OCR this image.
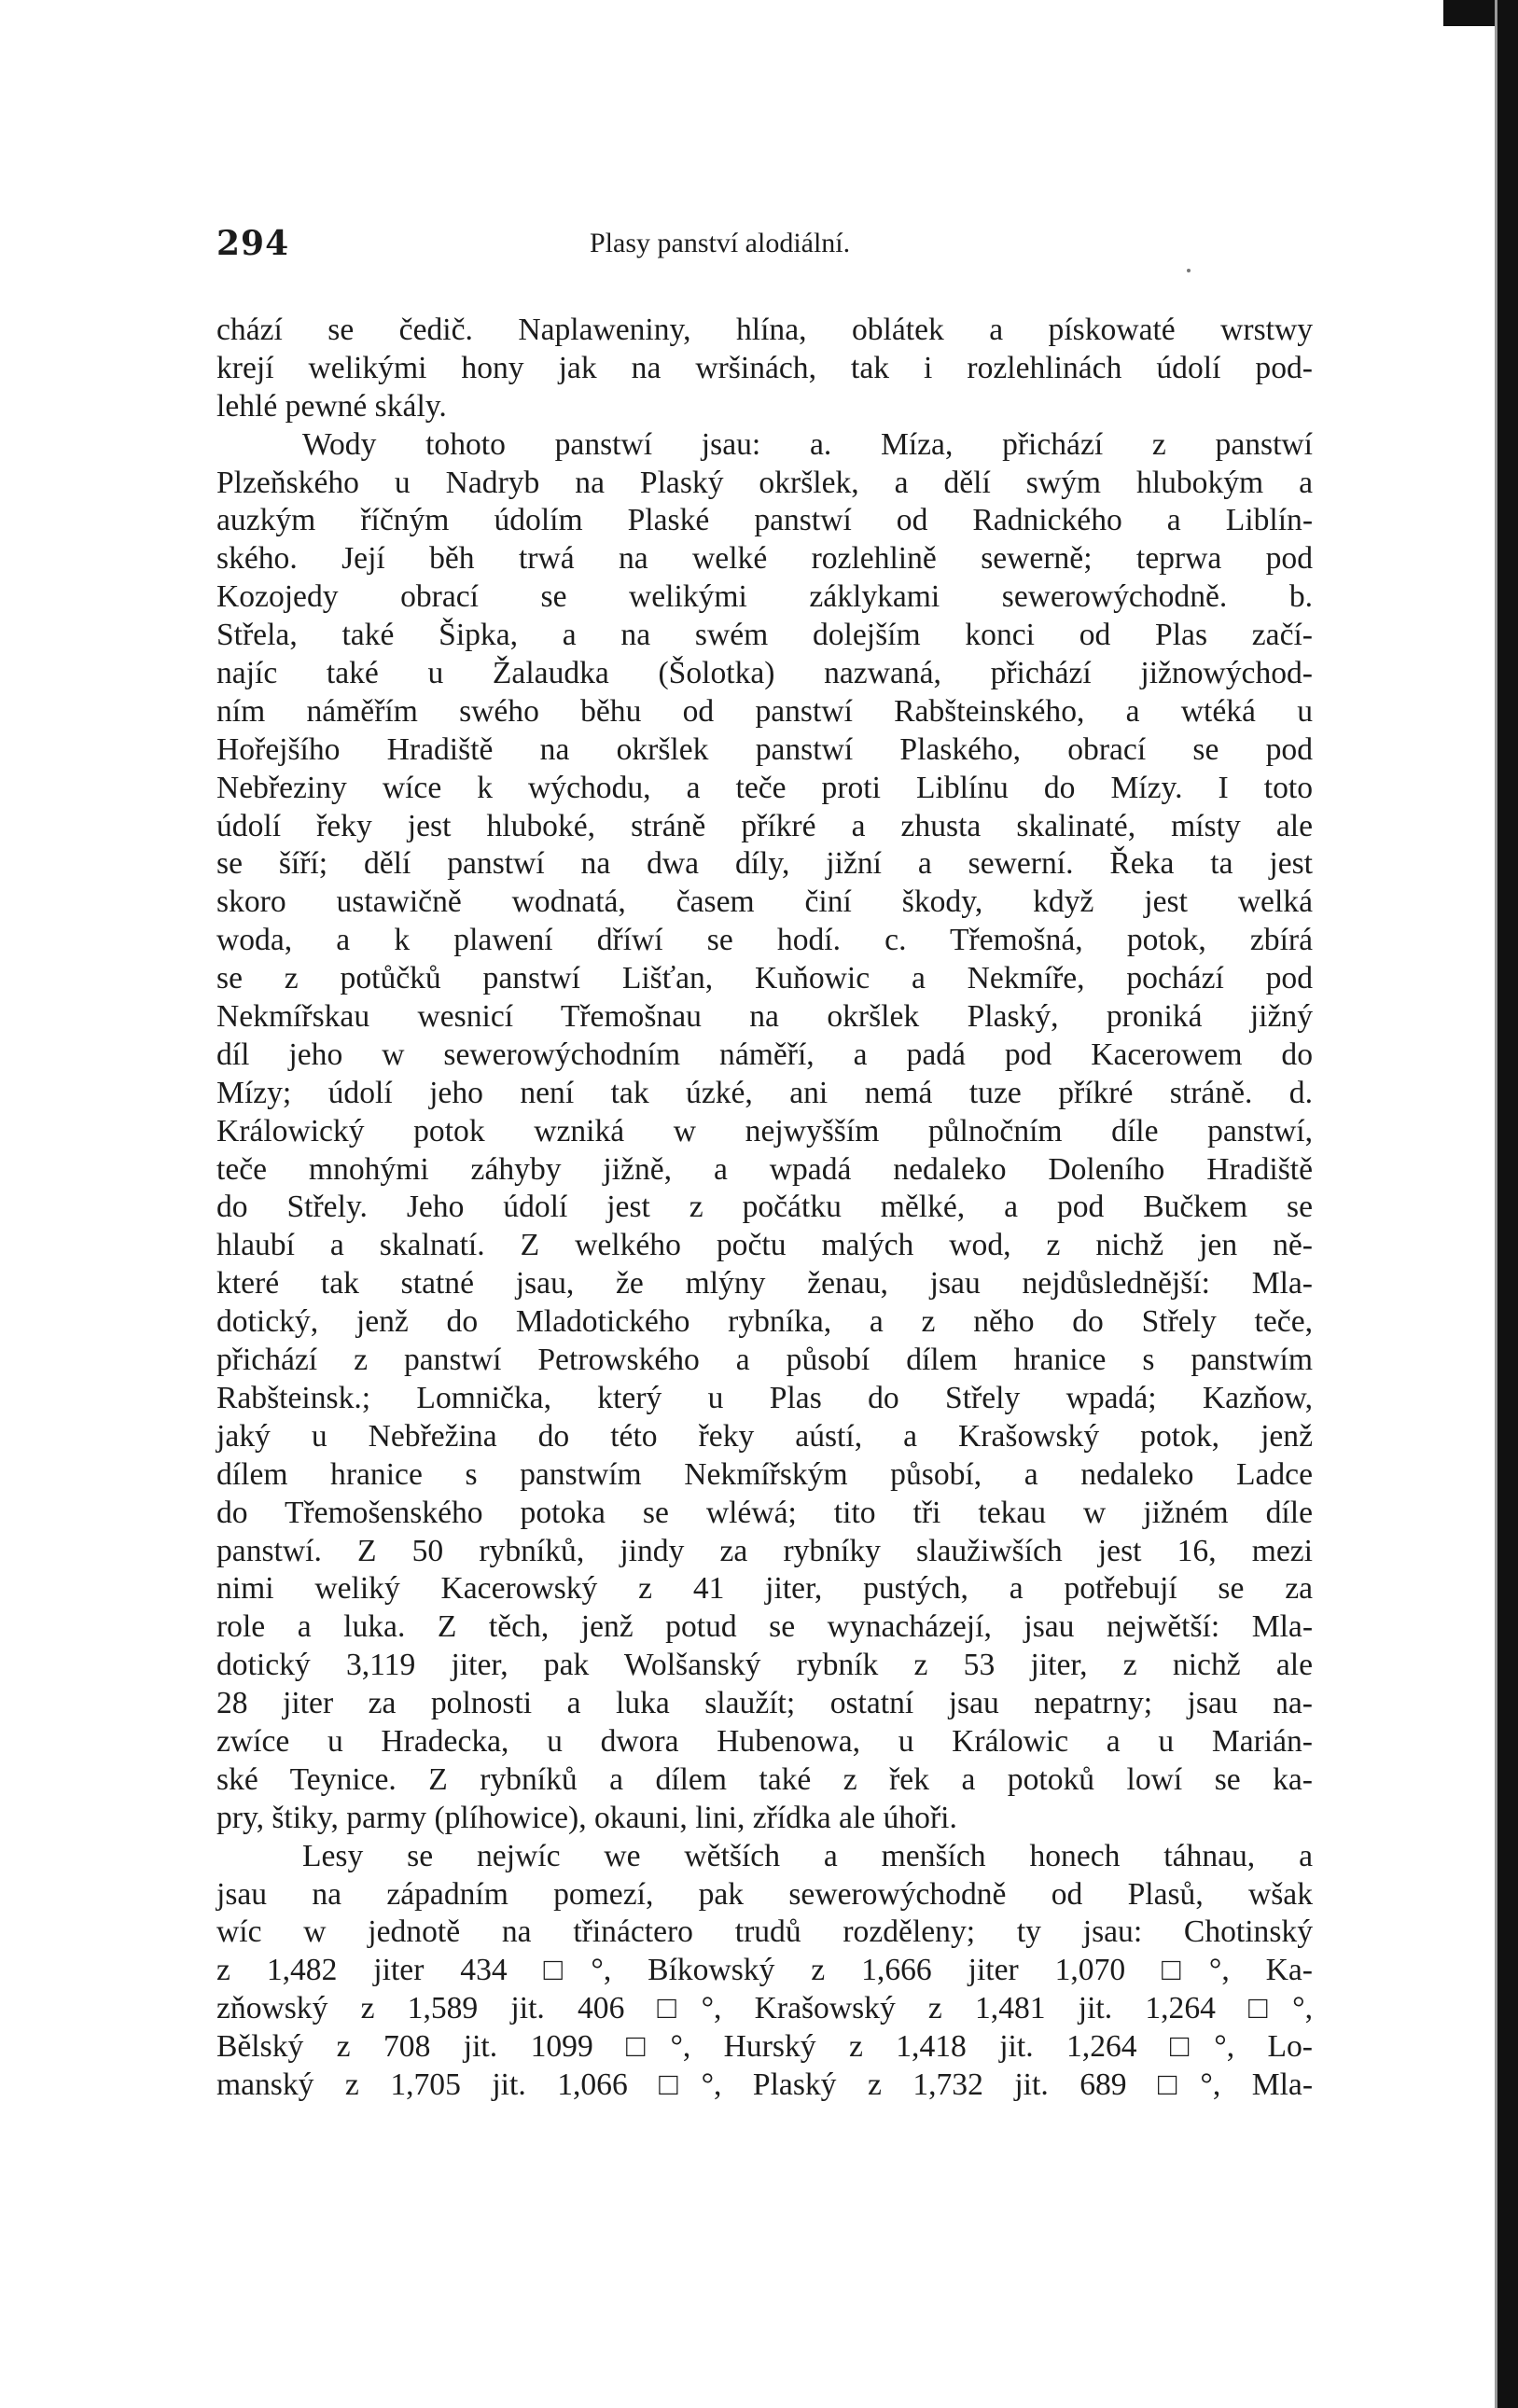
294	Plasy panství alodiální.
chází se čedič. Naplaweniny, hlína, oblátek a pískowaté wrstwy
krejí welikými hony jak na wršinách, tak i rozlehlinách údolí pod-
lehlé pewné skály.
Wody tohoto panstwí jsau: a. Míza, přichází z panstwí
Plzeňského u Nadryb na Plaský okršlek, a dělí swým hlubokým a
auzkým říčným údolím Plaské panstwí od Radnického a Liblín-
ského. Její běh trwá na welké rozlehlině sewerně; teprwa pod
Kozojedy obrací se welikými záklykami sewerowýchodně. b.
Střela, také Šipka, a na swém dolejším konci od Plas začí-
najíc také u Žalaudka (Šolotka) nazwaná, přichází jižnowýchod-
ním náměřím swého běhu od panstwí Rabšteinského, a wtéká u
Hořejšího Hradiště na okršlek panstwí Plaského, obrací se pod
Nebřeziny wíce k wýchodu, a teče proti Liblínu do Mízy. I toto
údolí řeky jest hluboké, stráně příkré a zhusta skalinaté, místy ale
se šíří; dělí panstwí na dwa díly, jižní a sewerní. Řeka ta jest
skoro ustawičně wodnatá, časem činí škody, když jest welká
woda, a k plawení dříwí se hodí. c. Třemošná, potok, zbírá
se z potůčků panstwí Lišťan, Kuňowic a Nekmíře, pochází pod
Nekmířskau wesnicí Třemošnau na okršlek Plaský, proniká jižný
díl jeho w sewerowýchodním náměří, a padá pod Kacerowem do
Mízy; údolí jeho není tak úzké, ani nemá tuze příkré stráně. d.
Králowický potok wzniká w nejwyšším půlnočním díle panstwí,
teče mnohými záhyby jižně, a wpadá nedaleko Doleního Hradiště
do Střely. Jeho údolí jest z počátku mělké, a pod Bučkem se
hlaubí a skalnatí. Z welkého počtu malých wod, z nichž jen ně-
které tak statné jsau, že mlýny ženau, jsau nejdůslednější: Mla-
dotický, jenž do Mladotického rybníka, a z něho do Střely teče,
přichází z panstwí Petrowského a působí dílem hranice s panstwím
Rabšteinsk.; Lomnička, který u Plas do Střely wpadá; Kazňow,
jaký u Nebřežina do této řeky aústí, a Krašowský potok, jenž
dílem hranice s panstwím Nekmířským působí, a nedaleko Ladce
do Třemošenského potoka se wléwá; tito tři tekau w jižném díle
panstwí. Z 50 rybníků, jindy za rybníky slaužiwších jest 16, mezi
nimi weliký Kacerowský z 41 jiter, pustých, a potřebují se za
role a luka. Z těch, jenž potud se wynacházejí, jsau nejwětší: Mla-
dotický 3,119 jiter, pak Wolšanský rybník z 53 jiter, z nichž ale
28 jiter za polnosti a luka slaužít; ostatní jsau nepatrny; jsau na-
zwíce u Hradecka, u dwora Hubenowa, u Králowic a u Marián-
ské Teynice. Z rybníků a dílem také z řek a potoků lowí se ka-
pry, štiky, parmy (plíhowice), okauni, lini, zřídka ale úhoři.
Lesy se nejwíc we wětších a menších honech táhnau, a
jsau na západním pomezí, pak sewerowýchodně od Plasů, wšak
wíc w jednotě na třináctero trudů rozděleny; ty jsau: Chotinský
z 1,482 jiter 434 □°, Bíkowský z 1,666 jiter 1,070 □°, Ka-
zňowský z 1,589 jit. 406 □°, Krašowský z 1,481 jit. 1,264 □°,
Bělský z 708 jit. 1099 □°, Hurský z 1,418 jit. 1,264 □°, Lo-
manský z 1,705 jit. 1,066 □°, Plaský z 1,732 jit. 689 □°, Mla-
